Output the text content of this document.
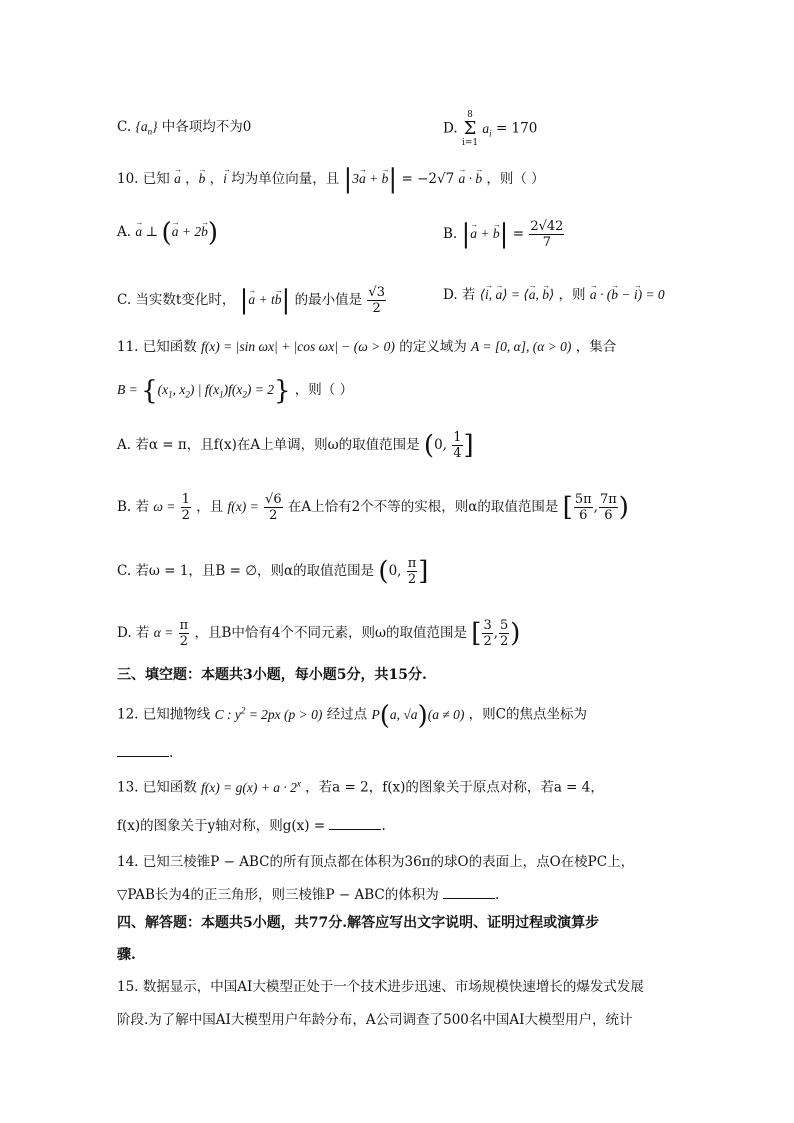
C. $\{a_n\}$ 中各项均不为0	D.
8
Σ
i=1
$a_i = 170$
10. 已知 → a ，→ b ，→ i 均为单位向量，且 |3→ a + → b| = −2√7 → a · → b ，则（ ）
A. → a ⊥ (→ a + 2→ b)	B. |→ a + → $b| = \frac{2√42}{7}$
C. 当实数t变化时， |→ a + t→ b| 的最小值是 $\frac{√3}{2}$	D. 若 ⟨→ i, → a⟩ = ⟨→ a, → b⟩ ，则 → a · (→ b − → i) = 0
11. 已知函数 f(x) = |sin ωx| + |cos ωx| − (ω > 0) 的定义域为 A = [0, α], (α > 0) ，集合
$B = \{(x_1$, $x_2$) | $f(x_1)f(x_2) = 2$} ，则（ ）
A. 若α = π，且f(x)在A上单调，则ω的取值范围是 (0, $\frac{1}{4}$ ]
B. 若 $\omega = \frac{1}{2}$ ，且 $f(x) = \frac{√6}{2}$ 在A上恰有2个不等的实根，则α的取值范围是 [ $\frac{5\pi}{6}$ , $\frac{7\pi}{6}$ )
C. 若ω = 1，且B = ∅，则α的取值范围是 (0, $\frac{\pi}{2}$ ]
D. 若 $\alpha = \frac{\pi}{2}$ ，且B中恰有4个不同元素，则ω的取值范围是 [ $\frac{3}{2}$ , $\frac{5}{2}$ )
三、填空题：本题共3小题，每小题5分，共15分.
12. 已知抛物线 C : $y^2 = 2px$ (p > 0) 经过点 P(a, √a)(a ≠ 0) ，则C的焦点坐标为
.
13. 已知函数 $f(x) = g(x) + a \cdot 2^x$ ，若a = 2，f(x)的图象关于原点对称，若a = 4，
f(x)的图象关于y轴对称，则g(x) =	.
14. 已知三棱锥P − ABC的所有顶点都在体积为36π的球O的表面上，点O在棱PC上，
▽PAB长为4的正三角形，则三棱锥P − ABC的体积为	.
四、解答题：本题共5小题，共77分.解答应写出文字说明、证明过程或演算步
骤.
15. 数据显示，中国AI大模型正处于一个技术进步迅速、市场规模快速增长的爆发式发展
阶段.为了解中国AI大模型用户年龄分布，A公司调查了500名中国AI大模型用户，统计
